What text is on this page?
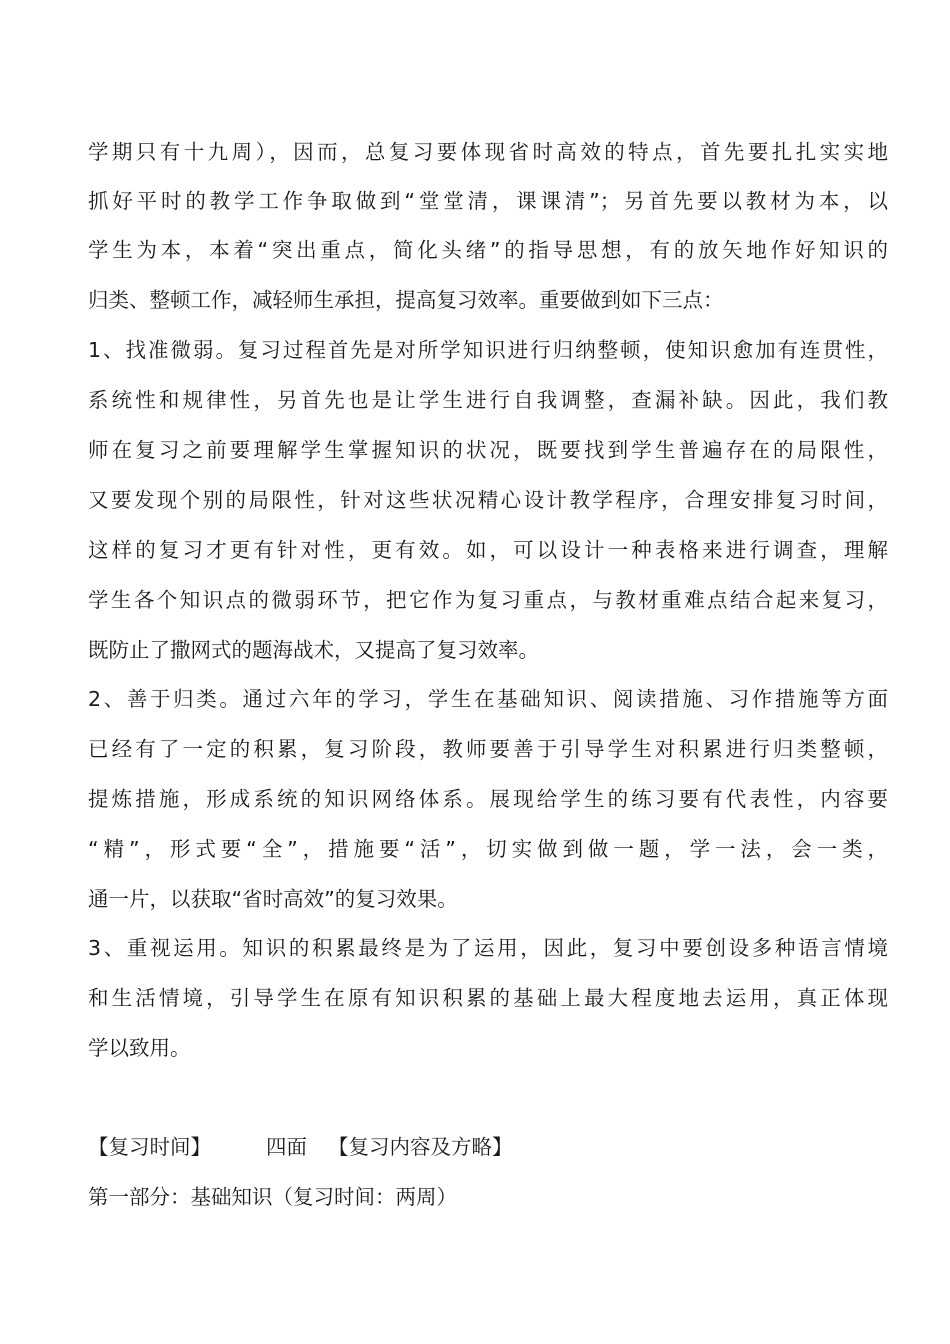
学期只有十九周），因而，总复习要体现省时高效的特点，首先要扎扎实实地

抓好平时的教学工作争取做到“堂堂清，课课清”；另首先要以教材为本，以

学生为本，本着“突出重点，简化头绪”的指导思想，有的放矢地作好知识的

归类、整顿工作，减轻师生承担，提高复习效率。重要做到如下三点：

1、找准微弱。复习过程首先是对所学知识进行归纳整顿，使知识愈加有连贯性，

系统性和规律性，另首先也是让学生进行自我调整，查漏补缺。因此，我们教

师在复习之前要理解学生掌握知识的状况，既要找到学生普遍存在的局限性，

又要发现个别的局限性，针对这些状况精心设计教学程序，合理安排复习时间，

这样的复习才更有针对性，更有效。如，可以设计一种表格来进行调查，理解

学生各个知识点的微弱环节，把它作为复习重点，与教材重难点结合起来复习，

既防止了撒网式的题海战术，又提高了复习效率。

2、善于归类。通过六年的学习，学生在基础知识、阅读措施、习作措施等方面

已经有了一定的积累，复习阶段，教师要善于引导学生对积累进行归类整顿，

提炼措施，形成系统的知识网络体系。展现给学生的练习要有代表性，内容要

“精”，形式要“全”，措施要“活”，切实做到做一题，学一法，会一类，

通一片，以获取“省时高效”的复习效果。

3、重视运用。知识的积累最终是为了运用，因此，复习中要创设多种语言情境

和生活情境，引导学生在原有知识积累的基础上最大程度地去运用，真正体现

学以致用。

【复习时间】	四面 【复习内容及方略】

第一部分：基础知识（复习时间：两周）
